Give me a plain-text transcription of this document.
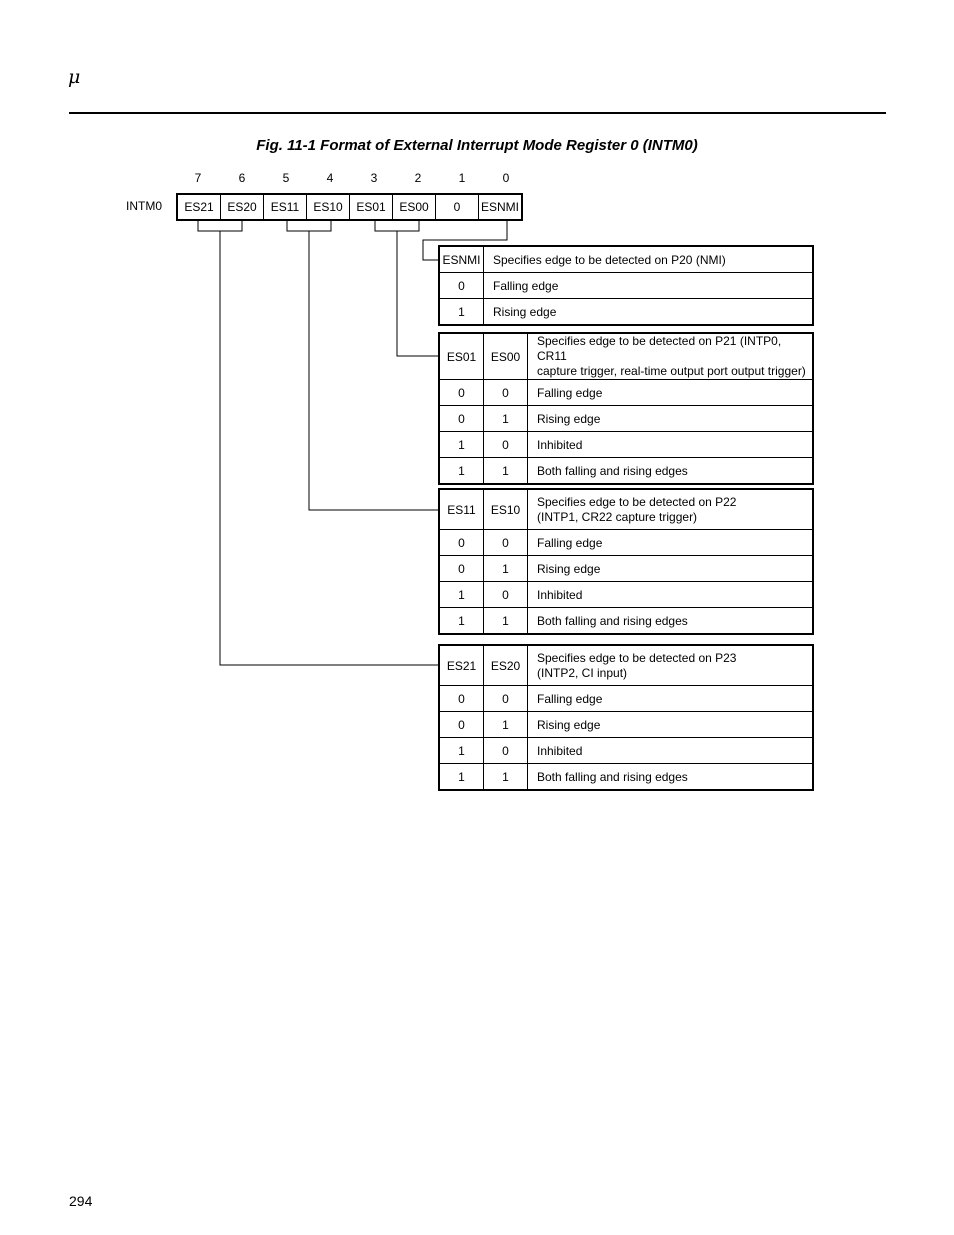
μ
Fig. 11-1 Format of External Interrupt Mode Register 0 (INTM0)
7	6	5	4	3	2	1	0
INTM0 ES21	ES20	ES11	ES10	ES01	ES00	0	ESNMI
ESNMI	Specifies edge to be detected on P20 (NMI)
0	Falling edge
1	Rising edge
ES01	ES00	Specifies edge to be detected on P21 (INTP0, CR11
capture trigger, real-time output port output trigger)
0	0	Falling edge
0	1	Rising edge
1	0	Inhibited
1	1	Both falling and rising edges
ES11	ES10	Specifies edge to be detected on P22
(INTP1, CR22 capture trigger)
0	0	Falling edge
0	1	Rising edge
1	0	Inhibited
1	1	Both falling and rising edges
ES21	ES20	Specifies edge to be detected on P23
(INTP2, CI input)
0	0	Falling edge
0	1	Rising edge
1	0	Inhibited
1	1	Both falling and rising edges
294
